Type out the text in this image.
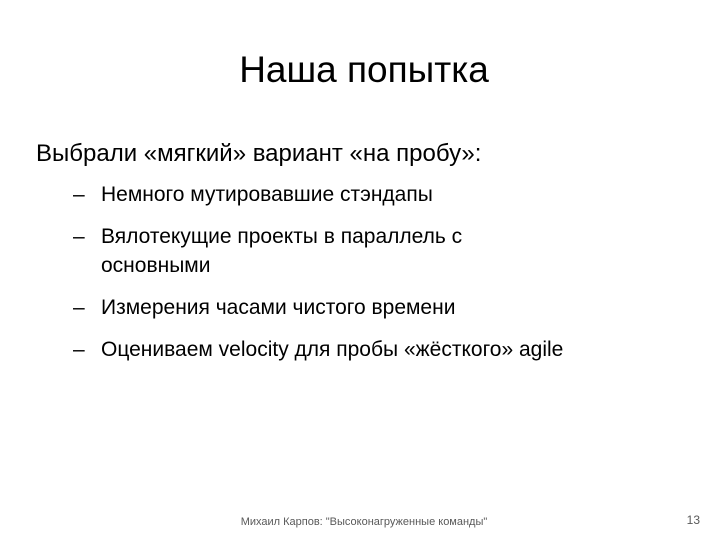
Наша попытка
Выбрали «мягкий» вариант «на пробу»:
– Немного мутировавшие стэндапы
– Вялотекущие проекты в параллель с основными
– Измерения часами чистого времени
– Оцениваем velocity для пробы «жёсткого» agile
Михаил Карпов: "Высоконагруженные команды"	13
